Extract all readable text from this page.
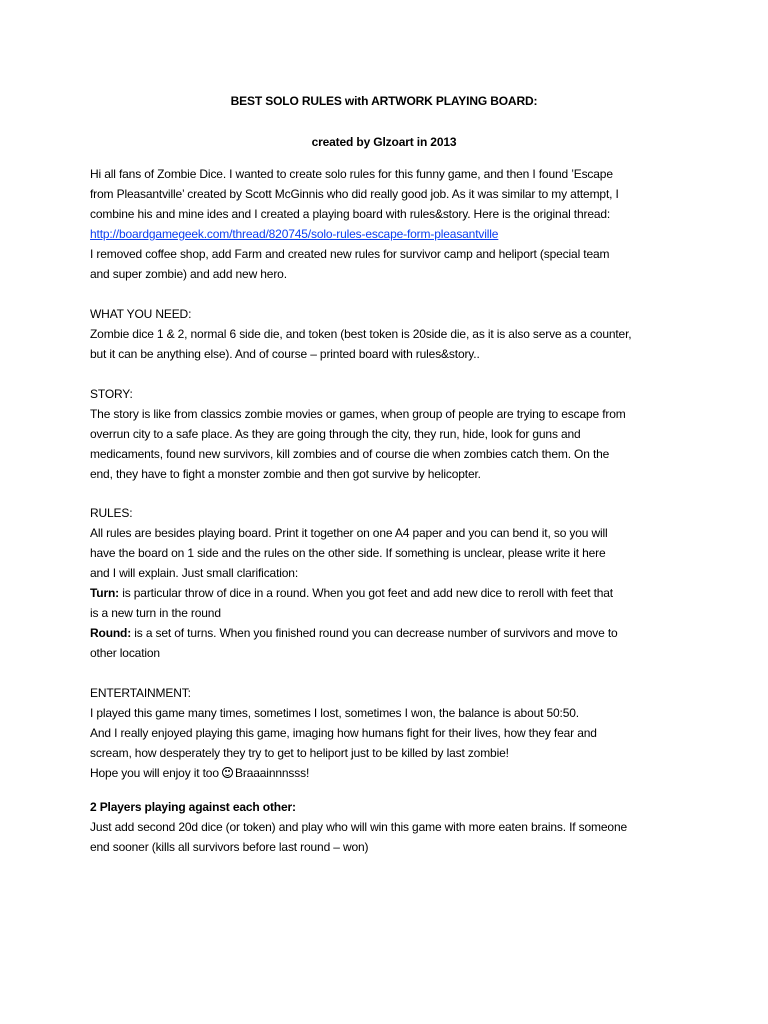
BEST SOLO RULES with ARTWORK PLAYING BOARD:
created by Glzoart in 2013
Hi all fans of Zombie Dice. I wanted to create solo rules for this funny game, and then I found ’Escape
from Pleasantville’ created by Scott McGinnis who did really good job. As it was similar to my attempt, I
combine his and mine ides and I created a playing board with rules&story. Here is the original thread:
http://boardgamegeek.com/thread/820745/solo-rules-escape-form-pleasantville
I removed coffee shop, add Farm and created new rules for survivor camp and heliport (special team
and super zombie) and add new hero.
WHAT YOU NEED:
Zombie dice 1 & 2, normal 6 side die, and token (best token is 20side die, as it is also serve as a counter,
but it can be anything else). And of course – printed board with rules&story..
STORY:
The story is like from classics zombie movies or games, when group of people are trying to escape from
overrun city to a safe place. As they are going through the city, they run, hide, look for guns and
medicaments, found new survivors, kill zombies and of course die when zombies catch them. On the
end, they have to fight a monster zombie and then got survive by helicopter.
RULES:
All rules are besides playing board. Print it together on one A4 paper and you can bend it, so you will
have the board on 1 side and the rules on the other side. If something is unclear, please write it here
and I will explain. Just small clarification:
Turn: is particular throw of dice in a round. When you got feet and add new dice to reroll with feet that
is a new turn in the round
Round: is a set of turns. When you finished round you can decrease number of survivors and move to
other location
ENTERTAINMENT:
I played this game many times, sometimes I lost, sometimes I won, the balance is about 50:50.
And I really enjoyed playing this game, imaging how humans fight for their lives, how they fear and
scream, how desperately they try to get to heliport just to be killed by last zombie!
Hope you will enjoy it too Braaainnnsss!
2 Players playing against each other:
Just add second 20d dice (or token) and play who will win this game with more eaten brains. If someone
end sooner (kills all survivors before last round – won)
